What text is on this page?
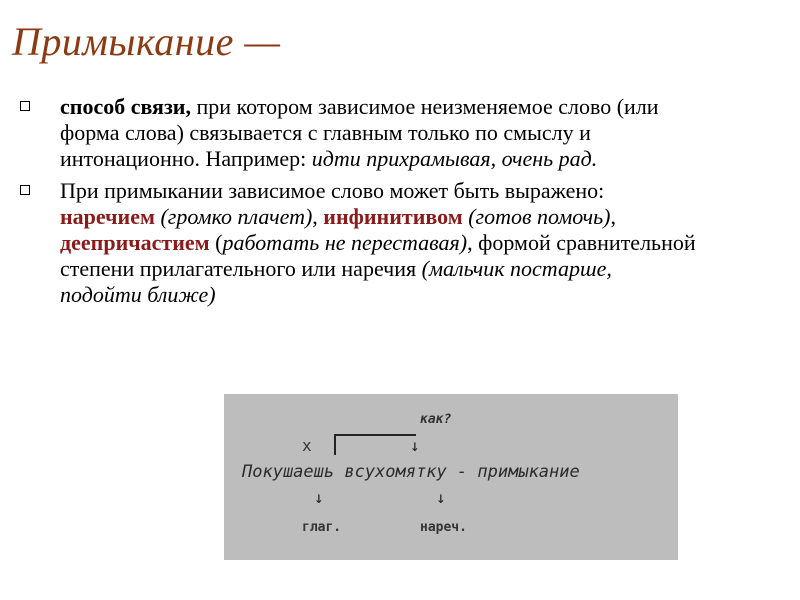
Примыкание —
способ связи, при котором зависимое неизменяемое слово (или форма слова) связывается с главным только по смыслу и интонационно. Например: идти прихрамывая, очень рад.
При примыкании зависимое слово может быть выражено: наречием (громко плачет), инфинитивом (готов помочь), деепричастием (работать не переставая), формой сравнительной степени прилагательного или наречия (мальчик постарше, подойти ближе)
как?
x	↓
Покушаешь всухомятку - примыкание
↓	↓
глаг.	нареч.
